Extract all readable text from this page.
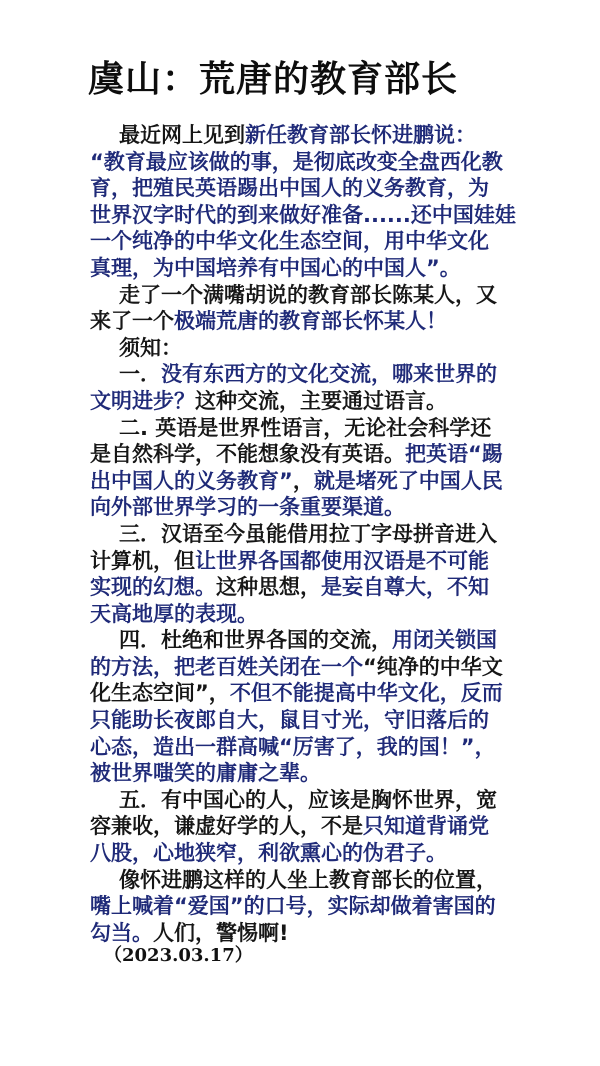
虞山：荒唐的教育部长
最近网上见到新任教育部长怀进鹏说：
“教育最应该做的事，是彻底改变全盘西化教
育，把殖民英语踢出中国人的义务教育，为
世界汉字时代的到来做好准备......还中国娃娃
一个纯净的中华文化生态空间，用中华文化
真理，为中国培养有中国心的中国人”。
走了一个满嘴胡说的教育部长陈某人，又
来了一个极端荒唐的教育部长怀某人！
须知：
一．没有东西方的文化交流，哪来世界的
文明进步？这种交流，主要通过语言。
二. 英语是世界性语言，无论社会科学还
是自然科学，不能想象没有英语。把英语“踢
出中国人的义务教育”，就是堵死了中国人民
向外部世界学习的一条重要渠道。
三．汉语至今虽能借用拉丁字母拼音进入
计算机，但让世界各国都使用汉语是不可能
实现的幻想。这种思想，是妄自尊大，不知
天高地厚的表现。
四．杜绝和世界各国的交流，用闭关锁国
的方法，把老百姓关闭在一个“纯净的中华文
化生态空间”，不但不能提高中华文化，反而
只能助长夜郎自大，鼠目寸光，守旧落后的
心态，造出一群高喊“厉害了，我的国！”，
被世界嗤笑的庸庸之辈。
五．有中国心的人，应该是胸怀世界，宽
容兼收，谦虚好学的人，不是只知道背诵党
八股，心地狭窄，利欲熏心的伪君子。
像怀进鹏这样的人坐上教育部长的位置，
嘴上喊着“爱国”的口号，实际却做着害国的
勾当。人们，警惕啊!
（2023.03.17）
